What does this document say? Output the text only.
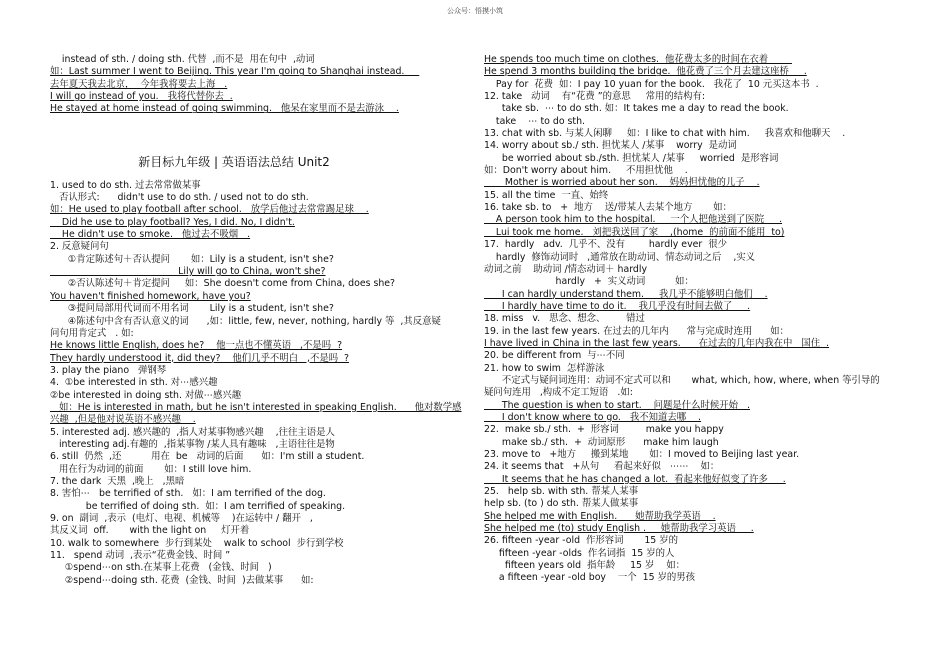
公众号：悟摸小筑
instead of sth. / doing sth. 代替  ,而不是  用在句中  ,动词
如：Last summer I went to Beijing. This year I'm going to Shanghai instead.
去年夏天我去北京，  今年我将要去上海   .
I will go instead of you.   我将代替你去  .
He stayed at home instead of going swimming.   他呆在家里而不是去游泳    .
新目标九年级 | 英语语法总结 Unit2
1. used to do sth. 过去常常做某事
否认形式:      didn't use to do sth. / used not to do sth.
如：He used to play football after school.   放学后他过去常常踢足球    .
Did he use to play football? Yes, I did. No, I didn't.
He didn't use to smoke.   他过去不吸烟   .
2. 反意疑问句
①肯定陈述句＋否认提问       如：Lily is a student, isn't she?
Lily will go to China, won't she?
②否认陈述句＋肯定提问     如：She doesn't come from China, does she?
You haven't finished homework, have you?
③提问局部用代词而不用名词       Lily is a student, isn't she?
④陈述句中含有否认意义的词      ,如：little, few, never, nothing, hardly 等  ,其反意疑
问句用肯定式   . 如:
He knows little English, does he?    他一点也不懂英语   ,不是吗  ?
They hardly understood it, did they?    他们几乎不明白   ,不是吗  ?
3. play the piano   弹钢琴
4.  ①be interested in sth. 对⋯感兴趣
②be interested in doing sth. 对做⋯感兴趣
如：He is interested in math, but he isn't interested in speaking English.      他对数学感
兴趣  ,但是他对说英语不感兴趣    .
5. interested adj. 感兴趣的  ,指人对某事物感兴趣    ,往往主语是人
interesting adj.有趣的  ,指某事物 /某人具有趣味   ,主语往往是物
6. still  仍然  ,还          用在  be   动词的后面      如：I'm still a student.
用在行为动词的前面       如：I still love him.
7. the dark  天黑  ,晚上   ,黑暗
8. 害怕⋯   be terrified of sth.   如：I am terrified of the dog.
be terrified of doing sth.  如：I am terrified of speaking.
9. on  副词  ,表示  (电灯、电视、机械等    )在运转中 / 翻开   ,
其反义词  off.       with the light on     灯开着
10. walk to somewhere  步行到某处    walk to school  步行到学校
11.   spend 动词  ,表示“花费金钱、时间 ”
①spend⋯on sth.在某事上花费   (金钱、时间   )
②spend⋯doing sth. 花费  (金钱、时间  )去做某事      如:
He spends too much time on clothes.  他花费太多的时间在衣着
He spend 3 months building the bridge.  他花费了三个月去建这座桥     .
Pay for  花费  如：I pay 10 yuan for the book.   我花了  10 元买这本书  .
12. take   动词    有“花费 ”的意思     常用的结构有:
take sb.  ⋯ to do sth. 如：It takes me a day to read the book.
take    ⋯ to do sth.
13. chat with sb. 与某人闲聊     如：I like to chat with him.     我喜欢和他聊天    .
14. worry about sb./ sth. 担忧某人 /某事    worry  是动词
be worried about sb./sth. 担忧某人 /某事     worried  是形容词
如：Don't worry about him.     不用担忧他    .
Mother is worried about her son.    妈妈担忧他的儿子    .
15. all the time  一直、始终
16. take sb. to   +  地方    送/带某人去某个地方       如：
A person took him to the hospital.     一个人把他送到了医院     .
Lui took me home.   刘把我送回了家    ,(home  的前面不能用  to)
17.  hardly   adv.  几乎不、没有        hardly ever  很少
hardly  修饰动词时   ,通常放在助动词、情态动词之后    ,实义
动词之前    助动词 /情态动词＋ hardly
hardly   +  实义动词          如：
I can hardly understand them.     我几乎不能够明白他们    .
I hardly have time to do it.    我几乎没有时间去做了     .
18. miss   v.   思念、想念、       错过
19. in the last few years. 在过去的几年内      常与完成时连用      如：
I have lived in China in the last few years.      在过去的几年内我在中   国住  .
20. be different from  与⋯不同
21. how to swim  怎样游泳
不定式与疑问词连用：动词不定式可以和       what, which, how, where, when 等引导的
疑问句连用   ,构成不定工短语   .如:
The question is when to start.    问题是什么时候开始   .
I don't know where to go.   我不知道去哪    .
22.  make sb./ sth.  +  形容词         make you happy
make sb./ sth.  +  动词原形      make him laugh
23. move to   +地方     搬到某地       如：I moved to Beijing last year.
24. it seems that   +从句     看起来好似   ⋯⋯    如：
It seems that he has changed a lot.  看起来他好似变了许多     .
25.   help sb. with sth. 帮某人某事
help sb. (to ) do sth. 帮某人做某事
She helped me with English.      她帮助我学英语    .
She helped me (to) study English .     她帮助我学习英语     .
26. fifteen -year -old  作形容词       15 岁的
fifteen -year -olds  作名词指  15 岁的人
fifteen years old  指年龄     15 岁    如：
a fifteen -year -old boy    一个  15 岁的男孩
